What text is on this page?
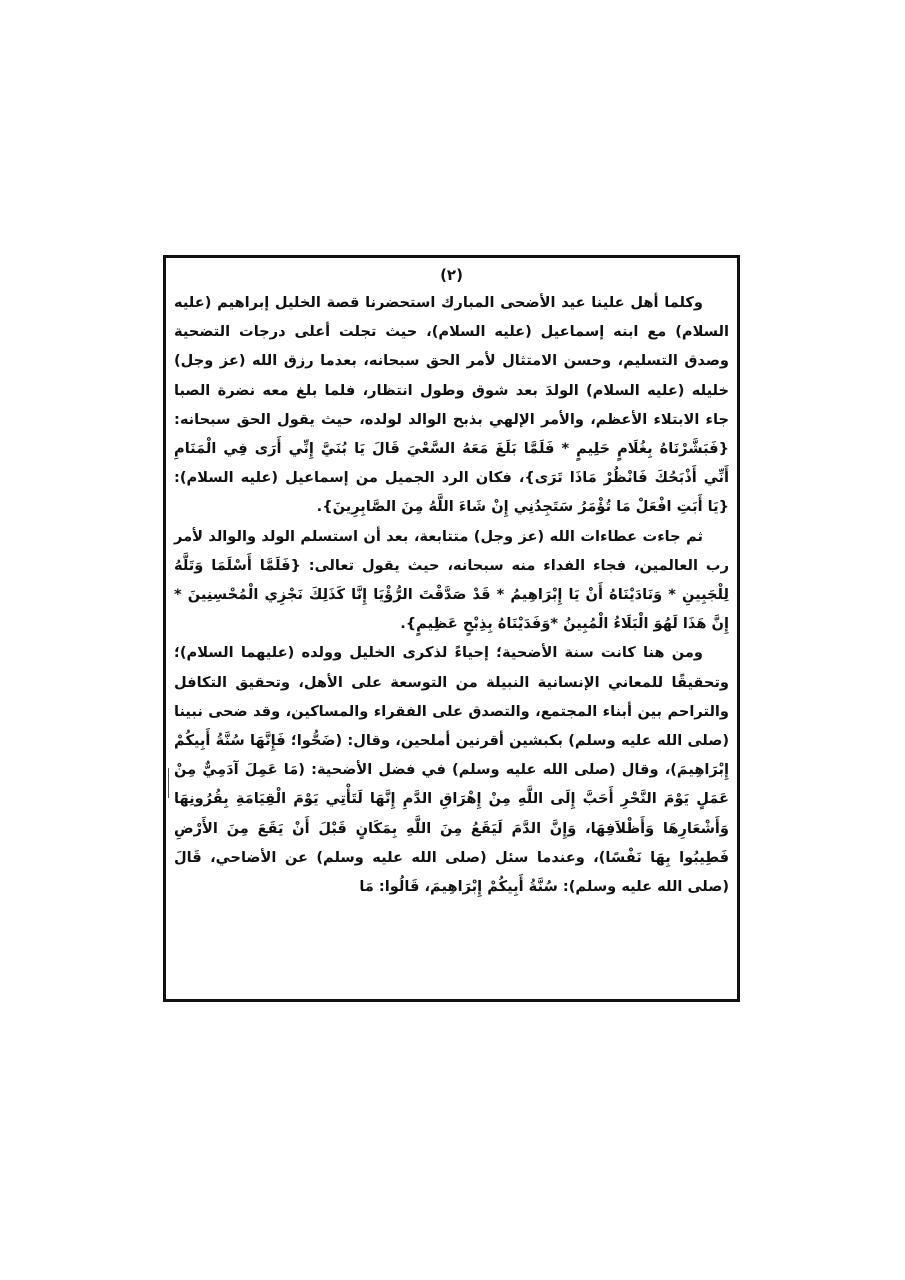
(٢)

وكلما أهل علينا عيد الأضحى المبارك استحضرنا قصة الخليل إبراهيم (عليه السلام) مع ابنه إسماعيل (عليه السلام)، حيث تجلت أعلى درجات التضحية وصدق التسليم، وحسن الامتثال لأمر الحق سبحانه، بعدما رزق الله (عز وجل) خليله (عليه السلام) الولدَ بعد شوق وطول انتظار، فلما بلغ معه نضرة الصبا جاء الابتلاء الأعظم، والأمر الإلهي بذبح الوالد لولده، حيث يقول الحق سبحانه: {فَبَشَّرْنَاهُ بِغُلَامٍ حَلِيمٍ * فَلَمَّا بَلَغَ مَعَهُ السَّعْيَ قَالَ يَا بُنَيَّ إِنِّي أَرَى فِي الْمَنَامِ أَنِّي أَذْبَحُكَ فَانْظُرْ مَاذَا تَرَى}، فكان الرد الجميل من إسماعيل (عليه السلام): {يَا أَبَتِ افْعَلْ مَا تُؤْمَرُ سَتَجِدُنِي إِنْ شَاءَ اللَّهُ مِنَ الصَّابِرِينَ}.

ثم جاءت عطاءات الله (عز وجل) متتابعة، بعد أن استسلم الولد والوالد لأمر رب العالمين، فجاء الفداء منه سبحانه، حيث يقول تعالى: {فَلَمَّا أَسْلَمَا وَتَلَّهُ لِلْجَبِينِ * وَنَادَيْنَاهُ أَنْ يَا إِبْرَاهِيمُ * قَدْ صَدَّقْتَ الرُّؤْيَا إِنَّا كَذَلِكَ نَجْزِي الْمُحْسِنِينَ * إِنَّ هَذَا لَهُوَ الْبَلَاءُ الْمُبِينُ *وَفَدَيْنَاهُ بِذِبْحٍ عَظِيمٍ}.

ومن هنا كانت سنة الأضحية؛ إحياءً لذكرى الخليل وولده (عليهما السلام)؛ وتحقيقًا للمعاني الإنسانية النبيلة من التوسعة على الأهل، وتحقيق التكافل والتراحم بين أبناء المجتمع، والتصدق على الفقراء والمساكين، وقد ضحى نبينا (صلى الله عليه وسلم) بكبشين أقرنين أملحين، وقال: (ضَحُّوا؛ فَإِنَّهَا سُنَّةُ أَبِيكُمْ إِبْرَاهِيمَ)، وقال (صلى الله عليه وسلم) في فضل الأضحية: (مَا عَمِلَ آدَمِيٌّ مِنْ عَمَلٍ يَوْمَ النَّحْرِ أَحَبَّ إِلَى اللَّهِ مِنْ إِهْرَاقِ الدَّمِ إِنَّهَا لَتَأْتِي يَوْمَ الْقِيَامَةِ بِقُرُونِهَا وَأَشْعَارِهَا وَأَظْلاَفِهَا، وَإِنَّ الدَّمَ لَيَقَعُ مِنَ اللَّهِ بِمَكَانٍ قَبْلَ أَنْ يَقَعَ مِنَ الأَرْضِ فَطِيبُوا بِهَا نَفْسًا)، وعندما سئل (صلى الله عليه وسلم) عن الأضاحي، قَالَ (صلى الله عليه وسلم): سُنَّةُ أَبِيكُمْ إِبْرَاهِيمَ، قَالُوا: مَا
